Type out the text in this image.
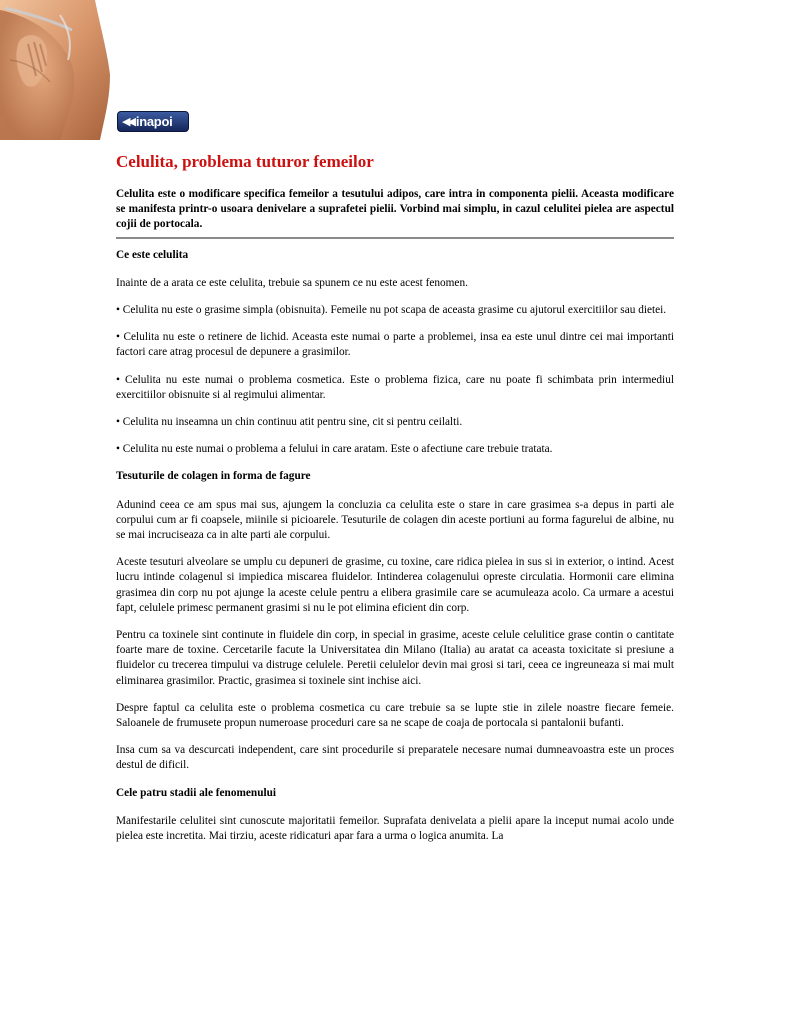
◀◀ inapoi
Celulita, problema tuturor femeilor

Celulita este o modificare specifica femeilor a tesutului adipos, care intra in componenta pielii. Aceasta modificare se manifesta printr-o usoara denivelare a suprafetei pielii. Vorbind mai simplu, in cazul celulitei pielea are aspectul cojii de portocala.

Ce este celulita

Inainte de a arata ce este celulita, trebuie sa spunem ce nu este acest fenomen.

• Celulita nu este o grasime simpla (obisnuita). Femeile nu pot scapa de aceasta grasime cu ajutorul exercitiilor sau dietei.

• Celulita nu este o retinere de lichid. Aceasta este numai o parte a problemei, insa ea este unul dintre cei mai importanti factori care atrag procesul de depunere a grasimilor.

• Celulita nu este numai o problema cosmetica. Este o problema fizica, care nu poate fi schimbata prin intermediul exercitiilor obisnuite si al regimului alimentar.

• Celulita nu inseamna un chin continuu atit pentru sine, cit si pentru ceilalti.

• Celulita nu este numai o problema a felului in care aratam. Este o afectiune care trebuie tratata.

Tesuturile de colagen in forma de fagure

Adunind ceea ce am spus mai sus, ajungem la concluzia ca celulita este o stare in care grasimea s-a depus in parti ale corpului cum ar fi coapsele, miinile si picioarele. Tesuturile de colagen din aceste portiuni au forma fagurelui de albine, nu se mai incruciseaza ca in alte parti ale corpului.

Aceste tesuturi alveolare se umplu cu depuneri de grasime, cu toxine, care ridica pielea in sus si in exterior, o intind. Acest lucru intinde colagenul si impiedica miscarea fluidelor. Intinderea colagenului opreste circulatia. Hormonii care elimina grasimea din corp nu pot ajunge la aceste celule pentru a elibera grasimile care se acumuleaza acolo. Ca urmare a acestui fapt, celulele primesc permanent grasimi si nu le pot elimina eficient din corp.

Pentru ca toxinele sint continute in fluidele din corp, in special in grasime, aceste celule celulitice grase contin o cantitate foarte mare de toxine. Cercetarile facute la Universitatea din Milano (Italia) au aratat ca aceasta toxicitate si presiune a fluidelor cu trecerea timpului va distruge celulele. Peretii celulelor devin mai grosi si tari, ceea ce ingreuneaza si mai mult eliminarea grasimilor. Practic, grasimea si toxinele sint inchise aici.

Despre faptul ca celulita este o problema cosmetica cu care trebuie sa se lupte stie in zilele noastre fiecare femeie. Saloanele de frumusete propun numeroase proceduri care sa ne scape de coaja de portocala si pantalonii bufanti.

Insa cum sa va descurcati independent, care sint procedurile si preparatele necesare numai dumneavoastra este un proces destul de dificil.

Cele patru stadii ale fenomenului

Manifestarile celulitei sint cunoscute majoritatii femeilor. Suprafata denivelata a pielii apare la inceput numai acolo unde pielea este incretita. Mai tirziu, aceste ridicaturi apar fara a urma o logica anumita. La
